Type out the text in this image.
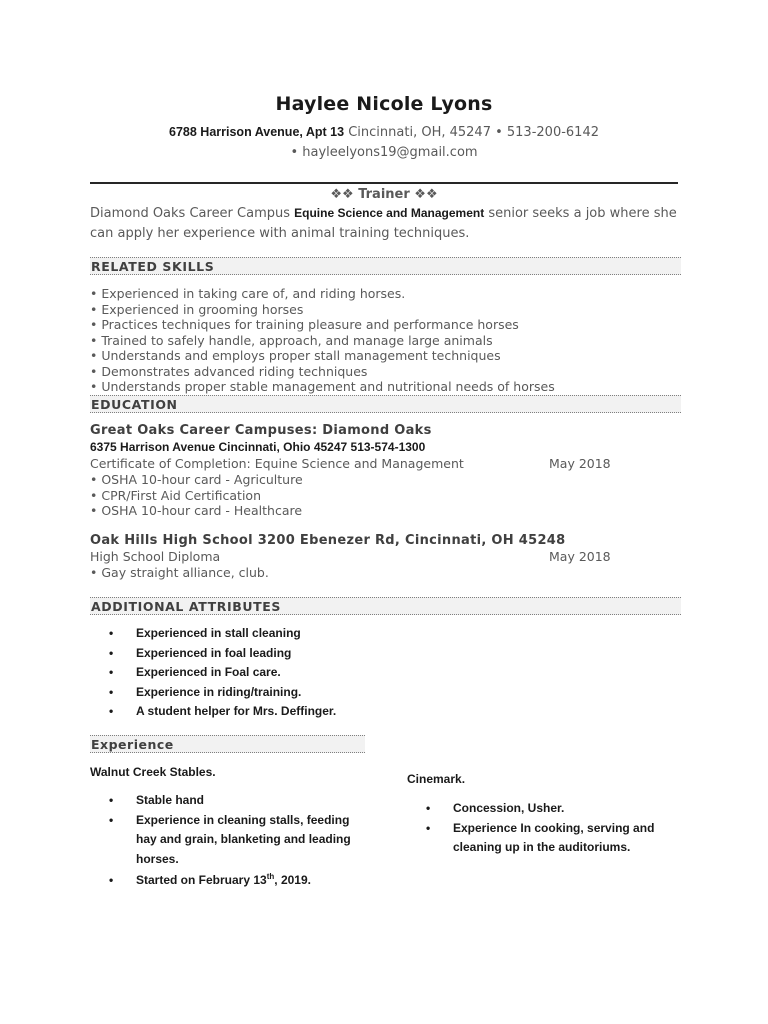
Haylee Nicole Lyons
6788 Harrison Avenue, Apt 13 Cincinnati, OH, 45247 • 513-200-6142
• hayleelyons19@gmail.com
❖❖ Trainer ❖❖
Diamond Oaks Career Campus Equine Science and Management senior seeks a job where she can apply her experience with animal training techniques.
RELATED SKILLS
• Experienced in taking care of, and riding horses.
• Experienced in grooming horses
• Practices techniques for training pleasure and performance horses
• Trained to safely handle, approach, and manage large animals
• Understands and employs proper stall management techniques
• Demonstrates advanced riding techniques
• Understands proper stable management and nutritional needs of horses
EDUCATION
Great Oaks Career Campuses: Diamond Oaks
6375 Harrison Avenue Cincinnati, Ohio 45247 513-574-1300
Certificate of Completion: Equine Science and Management	May 2018
• OSHA 10-hour card - Agriculture
• CPR/First Aid Certification
• OSHA 10-hour card - Healthcare
Oak Hills High School 3200 Ebenezer Rd, Cincinnati, OH 45248
High School Diploma	May 2018
• Gay straight alliance, club.
ADDITIONAL ATTRIBUTES
• Experienced in stall cleaning
• Experienced in foal leading
• Experienced in Foal care.
• Experience in riding/training.
• A student helper for Mrs. Deffinger.
Experience
Walnut Creek Stables.
• Stable hand
• Experience in cleaning stalls, feeding hay and grain, blanketing and leading horses.
• Started on February 13th, 2019.
Cinemark.
• Concession, Usher.
• Experience In cooking, serving and cleaning up in the auditoriums.
